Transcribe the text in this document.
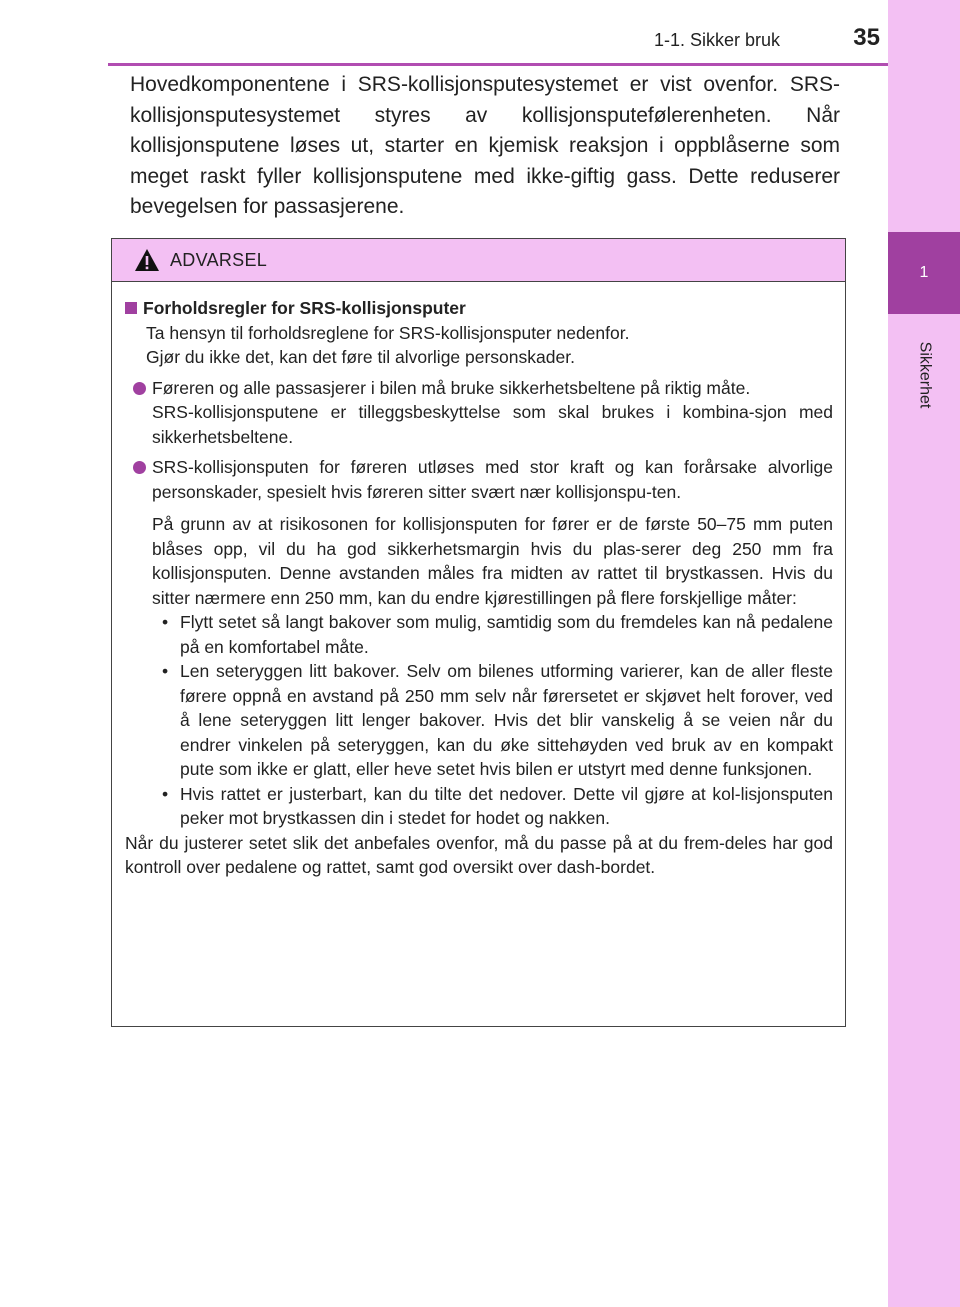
1
Sikkerhet
1-1. Sikker bruk	35
Hovedkomponentene i SRS-kollisjonsputesystemet er vist ovenfor. SRS-kollisjonsputesystemet styres av kollisjonsputefølerenheten. Når kollisjonsputene løses ut, starter en kjemisk reaksjon i oppblåserne som meget raskt fyller kollisjonsputene med ikke-giftig gass. Dette reduserer bevegelsen for passasjerene.
ADVARSEL
Forholdsregler for SRS-kollisjonsputer
Ta hensyn til forholdsreglene for SRS-kollisjonsputer nedenfor.
Gjør du ikke det, kan det føre til alvorlige personskader.
Føreren og alle passasjerer i bilen må bruke sikkerhetsbeltene på riktig måte.
SRS-kollisjonsputene er tilleggsbeskyttelse som skal brukes i kombina-sjon med sikkerhetsbeltene.
SRS-kollisjonsputen for føreren utløses med stor kraft og kan forårsake alvorlige personskader, spesielt hvis føreren sitter svært nær kollisjonspu-ten.
På grunn av at risikosonen for kollisjonsputen for fører er de første 50–75 mm puten blåses opp, vil du ha god sikkerhetsmargin hvis du plas-serer deg 250 mm fra kollisjonsputen. Denne avstanden måles fra midten av rattet til brystkassen. Hvis du sitter nærmere enn 250 mm, kan du endre kjørestillingen på flere forskjellige måter:
• Flytt setet så langt bakover som mulig, samtidig som du fremdeles kan nå pedalene på en komfortabel måte.
• Len seteryggen litt bakover. Selv om bilenes utforming varierer, kan de aller fleste førere oppnå en avstand på 250 mm selv når førersetet er skjøvet helt forover, ved å lene seteryggen litt lenger bakover. Hvis det blir vanskelig å se veien når du endrer vinkelen på seteryggen, kan du øke sittehøyden ved bruk av en kompakt pute som ikke er glatt, eller heve setet hvis bilen er utstyrt med denne funksjonen.
• Hvis rattet er justerbart, kan du tilte det nedover. Dette vil gjøre at kol-lisjonsputen peker mot brystkassen din i stedet for hodet og nakken.
Når du justerer setet slik det anbefales ovenfor, må du passe på at du frem-deles har god kontroll over pedalene og rattet, samt god oversikt over dash-bordet.
